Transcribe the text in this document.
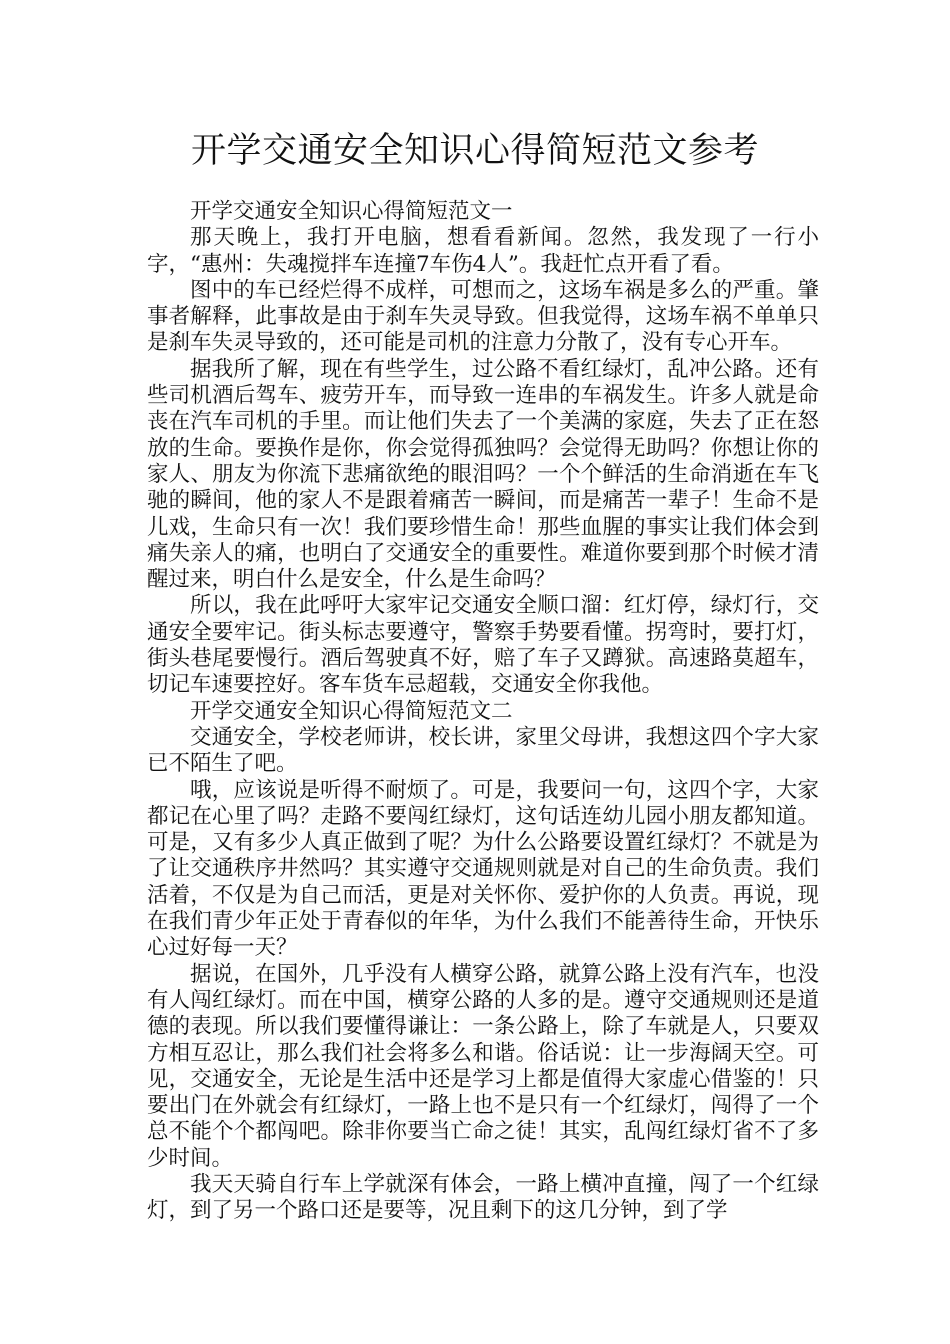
开学交通安全知识心得简短范文参考

开学交通安全知识心得简短范文一

那天晚上，我打开电脑，想看看新闻。忽然，我发现了一行小字，“惠州：失魂搅拌车连撞7车伤4人”。我赶忙点开看了看。

图中的车已经烂得不成样，可想而之，这场车祸是多么的严重。肇事者解释，此事故是由于刹车失灵导致。但我觉得，这场车祸不单单只是刹车失灵导致的，还可能是司机的注意力分散了，没有专心开车。

据我所了解，现在有些学生，过公路不看红绿灯，乱冲公路。还有些司机酒后驾车、疲劳开车，而导致一连串的车祸发生。许多人就是命丧在汽车司机的手里。而让他们失去了一个美满的家庭，失去了正在怒放的生命。要换作是你，你会觉得孤独吗？会觉得无助吗？你想让你的家人、朋友为你流下悲痛欲绝的眼泪吗？一个个鲜活的生命消逝在车飞驰的瞬间，他的家人不是跟着痛苦一瞬间，而是痛苦一辈子！生命不是儿戏，生命只有一次！我们要珍惜生命！那些血腥的事实让我们体会到痛失亲人的痛，也明白了交通安全的重要性。难道你要到那个时候才清醒过来，明白什么是安全，什么是生命吗？

所以，我在此呼吁大家牢记交通安全顺口溜：红灯停，绿灯行，交通安全要牢记。街头标志要遵守，警察手势要看懂。拐弯时，要打灯，街头巷尾要慢行。酒后驾驶真不好，赔了车子又蹲狱。高速路莫超车，切记车速要控好。客车货车忌超载，交通安全你我他。

开学交通安全知识心得简短范文二

交通安全，学校老师讲，校长讲，家里父母讲，我想这四个字大家已不陌生了吧。

哦，应该说是听得不耐烦了。可是，我要问一句，这四个字，大家都记在心里了吗？走路不要闯红绿灯，这句话连幼儿园小朋友都知道。可是，又有多少人真正做到了呢？为什么公路要设置红绿灯？不就是为了让交通秩序井然吗？其实遵守交通规则就是对自己的生命负责。我们活着，不仅是为自己而活，更是对关怀你、爱护你的人负责。再说，现在我们青少年正处于青春似的年华，为什么我们不能善待生命，开快乐心过好每一天？

据说，在国外，几乎没有人横穿公路，就算公路上没有汽车，也没有人闯红绿灯。而在中国，横穿公路的人多的是。遵守交通规则还是道德的表现。所以我们要懂得谦让：一条公路上，除了车就是人，只要双方相互忍让，那么我们社会将多么和谐。俗话说：让一步海阔天空。可见，交通安全，无论是生活中还是学习上都是值得大家虚心借鉴的！只要出门在外就会有红绿灯，一路上也不是只有一个红绿灯，闯得了一个总不能个个都闯吧。除非你要当亡命之徒！其实，乱闯红绿灯省不了多少时间。

我天天骑自行车上学就深有体会，一路上横冲直撞，闯了一个红绿灯，到了另一个路口还是要等，况且剩下的这几分钟，到了学
